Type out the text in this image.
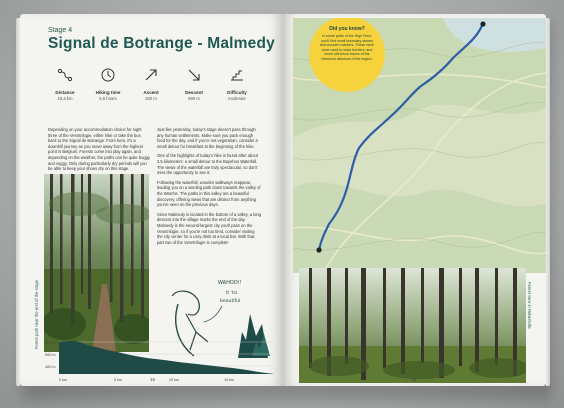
Stage 4
Signal de Botrange - Malmedy
Distance
19,4 km
Hiking time
6,5 hours
Ascent
260 m
Descent
690 m
Difficulty
moderate

Depending on your accommodation choice for night three of the Venntrilogie, either hike or take the bus back to the Signal de Botrange. From here, it's a downhill journey as you move away from the highest point in Belgium. Forests come into play again, and depending on the weather, the paths can be quite boggy and soggy. Only during particularly dry periods will you be able to keep your shoes dry on this stage.

Just like yesterday, today's stage doesn't pass through any human settlements. Make sure you pack enough food for the day, and if you're not vegetarian, consider a small detour for breakfast at the beginning of the hike.

One of the highlights of today's hike is found after about 3.5 kilometers: a small detour to the Bayehon Waterfall. The views of the waterfall are truly spectacular, so don't miss the opportunity to see it.

Following the waterfall, wooden walkways reappear, leading you on a winding path down towards the valley of the Warche. The paths in this valley are a beautiful discovery, offering views that are distinct from anything you've seen on the previous days.

Since Malmedy is located in the bottom of a valley, a long descent into the village marks the end of the day. Malmedy is the second-largest city you'll pass on the Venntrilogie, so if you're not too tired, consider visiting the city center for a cosy drink at a local bar. With that, part two of the Venntrilogie is complete!

Forest path near the end of the stage	WAHOO!!
It 'tis
beautiful
600 m
500 m
400 m
0 km	5 km	10 km	15 km
16
Did you know?
In some parts of the High Fens, you'll find small boundary stones and wooden markers. These were once used to mark borders, and some still show traces of the historical divisions of the region.
Forest view in Robertville
19
